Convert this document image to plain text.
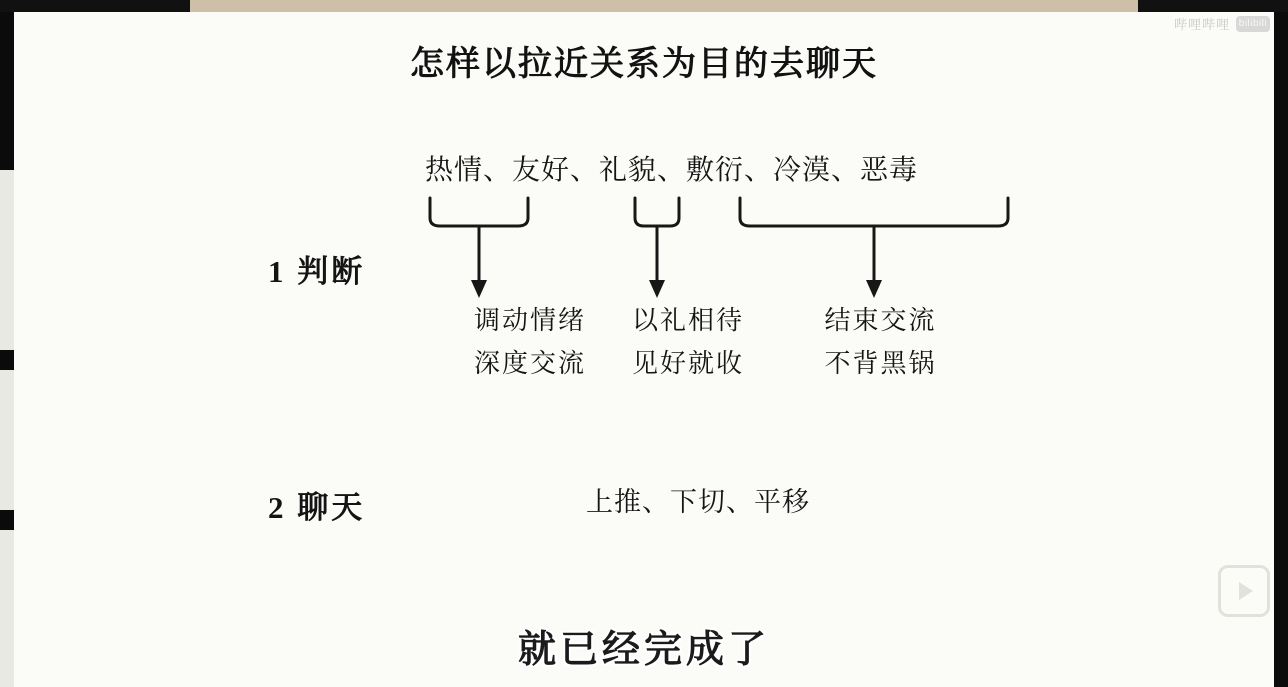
怎样以拉近关系为目的去聊天
1 判断
2 聊天
热情、友好、礼貌、敷衍、冷漠、恶毒
调动情绪
深度交流
以礼相待
见好就收
结束交流
不背黑锅
上推、下切、平移
就已经完成了
哔哩哔哩 bilibili
